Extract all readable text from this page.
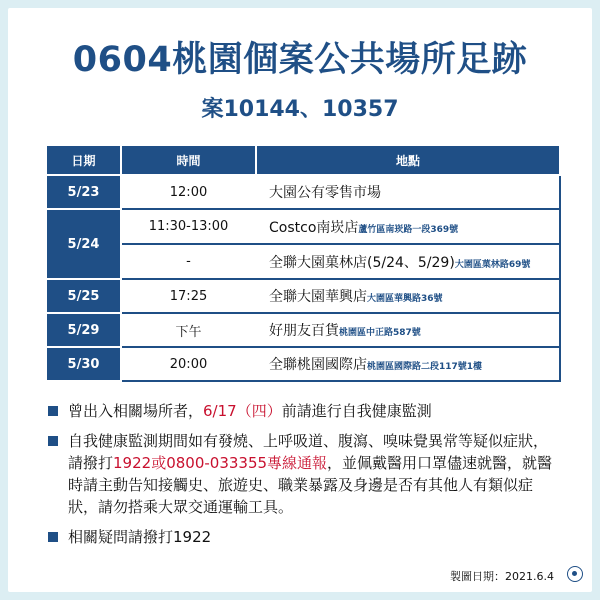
0604桃園個案公共場所足跡
案10144、10357
日期	時間	地點
5/23	12:00	大園公有零售市場
5/24	11:30-13:00	Costco南崁店蘆竹區南崁路一段369號
	-	全聯大園菓林店(5/24、5/29)大園區菓林路69號
5/25	17:25	全聯大園華興店大園區華興路36號
5/29	下午	好朋友百貨桃園區中正路587號
5/30	20:00	全聯桃園國際店桃園區國際路二段117號1樓
曾出入相關場所者，6/17（四）前請進行自我健康監測
自我健康監測期間如有發燒、上呼吸道、腹瀉、嗅味覺異常等疑似症狀，請撥打1922或0800-033355專線通報，並佩戴醫用口罩儘速就醫，就醫時請主動告知接觸史、旅遊史、職業暴露及身邊是否有其他人有類似症狀，請勿搭乘大眾交通運輸工具。
相關疑問請撥打1922
製圖日期：2021.6.4
